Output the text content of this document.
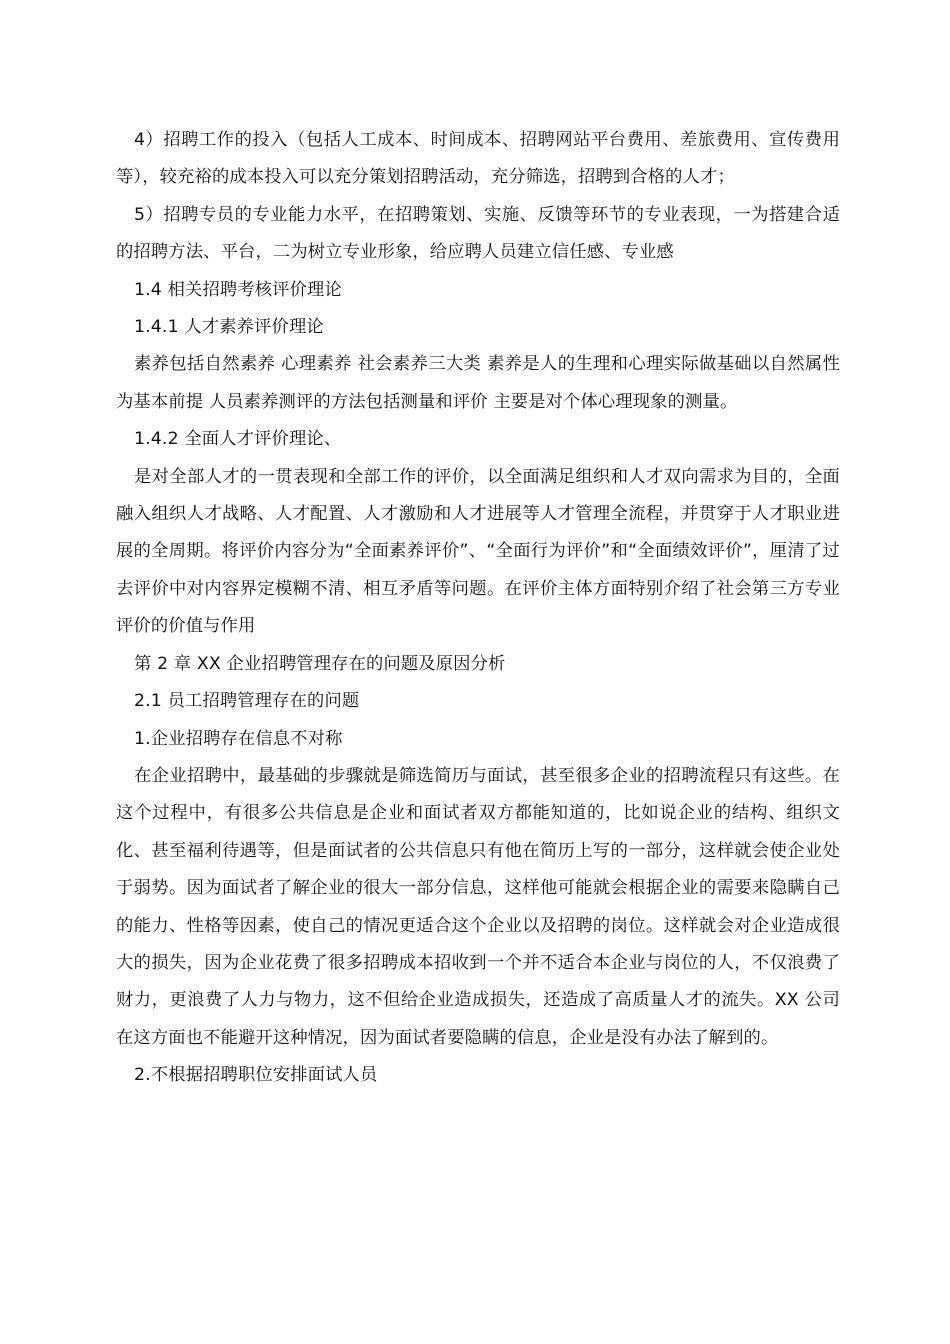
4）招聘工作的投入（包括人工成本、时间成本、招聘网站平台费用、差旅费用、宣传费用等），较充裕的成本投入可以充分策划招聘活动，充分筛选，招聘到合格的人才；

5）招聘专员的专业能力水平，在招聘策划、实施、反馈等环节的专业表现，一为搭建合适的招聘方法、平台，二为树立专业形象，给应聘人员建立信任感、专业感

1.4 相关招聘考核评价理论

1.4.1 人才素养评价理论

素养包括自然素养 心理素养 社会素养三大类 素养是人的生理和心理实际做基础以自然属性为基本前提 人员素养测评的方法包括测量和评价 主要是对个体心理现象的测量。

1.4.2 全面人才评价理论、

是对全部人才的一贯表现和全部工作的评价，以全面满足组织和人才双向需求为目的，全面融入组织人才战略、人才配置、人才激励和人才进展等人才管理全流程，并贯穿于人才职业进展的全周期。将评价内容分为“全面素养评价”、“全面行为评价”和“全面绩效评价”，厘清了过去评价中对内容界定模糊不清、相互矛盾等问题。在评价主体方面特别介绍了社会第三方专业评价的价值与作用

第 2 章 XX 企业招聘管理存在的问题及原因分析

2.1 员工招聘管理存在的问题

1.企业招聘存在信息不对称

在企业招聘中，最基础的步骤就是筛选简历与面试，甚至很多企业的招聘流程只有这些。在这个过程中，有很多公共信息是企业和面试者双方都能知道的，比如说企业的结构、组织文化、甚至福利待遇等，但是面试者的公共信息只有他在简历上写的一部分，这样就会使企业处于弱势。因为面试者了解企业的很大一部分信息，这样他可能就会根据企业的需要来隐瞒自己的能力、性格等因素，使自己的情况更适合这个企业以及招聘的岗位。这样就会对企业造成很大的损失，因为企业花费了很多招聘成本招收到一个并不适合本企业与岗位的人，不仅浪费了财力，更浪费了人力与物力，这不但给企业造成损失，还造成了高质量人才的流失。XX 公司在这方面也不能避开这种情况，因为面试者要隐瞒的信息，企业是没有办法了解到的。

2.不根据招聘职位安排面试人员
